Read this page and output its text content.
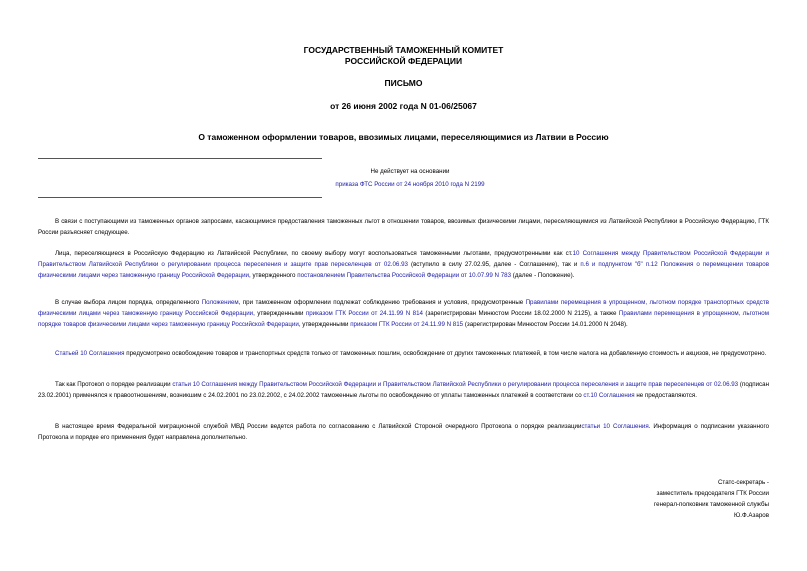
ГОСУДАРСТВЕННЫЙ ТАМОЖЕННЫЙ КОМИТЕТ
РОССИЙСКОЙ ФЕДЕРАЦИИ
ПИСЬМО
от 26 июня 2002 года N 01-06/25067
О таможенном оформлении товаров, ввозимых лицами, переселяющимися из Латвии в Россию
Не действует на основании
приказа ФТС России от 24 ноября 2010 года N 2199

В связи с поступающими из таможенных органов запросами, касающимися предоставления таможенных льгот в отношении товаров, ввозимых физическими лицами, переселяющимися из Латвийской Республики в Российскую Федерацию, ГТК России разъясняет следующее.

Лица, переселяющиеся в Российскую Федерацию из Латвийской Республики, по своему выбору могут воспользоваться таможенными льготами, предусмотренными как ст.10 Соглашения между Правительством Российской Федерации и Правительством Латвийской Республики о регулировании процесса переселения и защите прав переселенцев от 02.06.93 (вступило в силу 27.02.95, далее - Соглашение), так и п.6 и подпунктом "б" п.12 Положения о перемещении товаров физическими лицами через таможенную границу Российской Федерации, утвержденного постановлением Правительства Российской Федерации от 10.07.99 N 783 (далее - Положение).

В случае выбора лицом порядка, определенного Положением, при таможенном оформлении подлежат соблюдению требования и условия, предусмотренные Правилами перемещения в упрощенном, льготном порядке транспортных средств физическими лицами через таможенную границу Российской Федерации, утвержденными приказом ГТК России от 24.11.99 N 814 (зарегистрирован Минюстом России 18.02.2000 N 2125), а также Правилами перемещения в упрощенном, льготном порядке товаров физическими лицами через таможенную границу Российской Федерации, утвержденными приказом ГТК России от 24.11.99 N 815 (зарегистрирован Минюстом России 14.01.2000 N 2048).

Статьей 10 Соглашения предусмотрено освобождение товаров и транспортных средств только от таможенных пошлин, освобождение от других таможенных платежей, в том числе налога на добавленную стоимость и акцизов, не предусмотрено.

Так как Протокол о порядке реализации статьи 10 Соглашения между Правительством Российской Федерации и Правительством Латвийской Республики о регулировании процесса переселения и защите прав переселенцев от 02.06.93 (подписан 23.02.2001) применялся к правоотношениям, возникшим с 24.02.2001 по 23.02.2002, с 24.02.2002 таможенные льготы по освобождению от уплаты таможенных платежей в соответствии со ст.10 Соглашения не предоставляются.

В настоящее время Федеральной миграционной службой МВД России ведется работа по согласованию с Латвийской Стороной очередного Протокола о порядке реализациистатьи 10 Соглашения. Информация о подписании указанного Протокола и порядке его применения будет направлена дополнительно.

Статс-секретарь -
заместитель председателя ГТК России
генерал-полковник таможенной службы
Ю.Ф.Азаров
